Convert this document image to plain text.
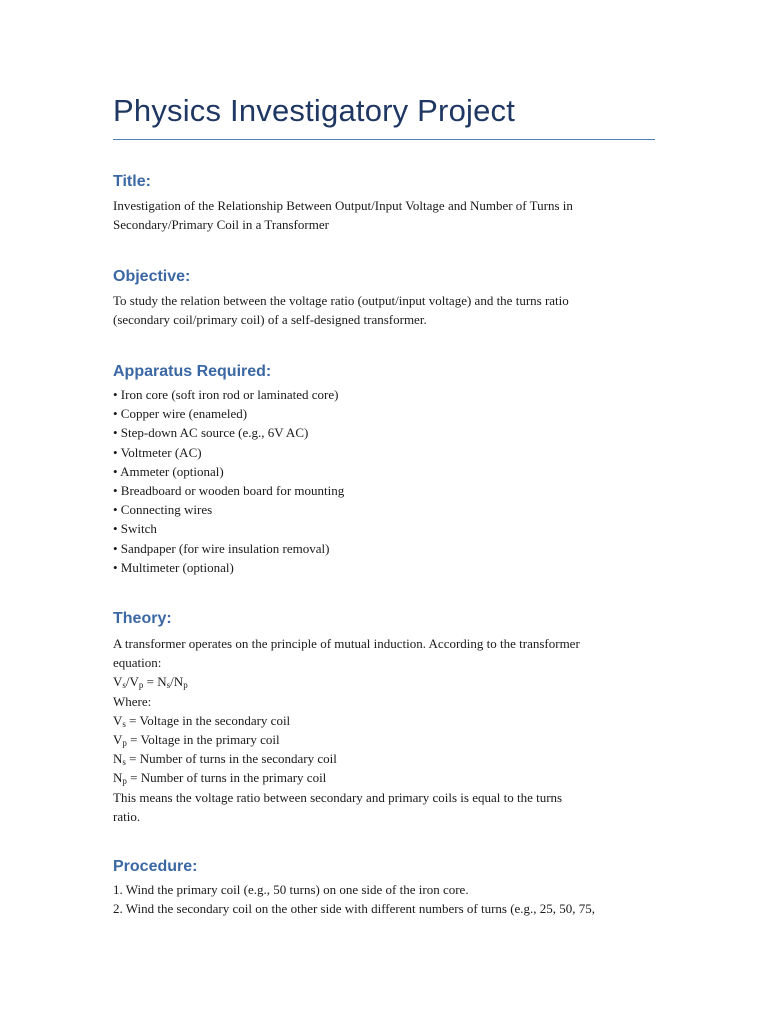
Physics Investigatory Project
Title:
Investigation of the Relationship Between Output/Input Voltage and Number of Turns in
Secondary/Primary Coil in a Transformer
Objective:
To study the relation between the voltage ratio (output/input voltage) and the turns ratio
(secondary coil/primary coil) of a self-designed transformer.
Apparatus Required:
• Iron core (soft iron rod or laminated core)
• Copper wire (enameled)
• Step-down AC source (e.g., 6V AC)
• Voltmeter (AC)
• Ammeter (optional)
• Breadboard or wooden board for mounting
• Connecting wires
• Switch
• Sandpaper (for wire insulation removal)
• Multimeter (optional)
Theory:
A transformer operates on the principle of mutual induction. According to the transformer
equation:
$V_s/V_p = N_s/N_p$
Where:
$V_s$ = Voltage in the secondary coil
$V_p$ = Voltage in the primary coil
$N_s$ = Number of turns in the secondary coil
$N_p$ = Number of turns in the primary coil
This means the voltage ratio between secondary and primary coils is equal to the turns
ratio.
Procedure:
1. Wind the primary coil (e.g., 50 turns) on one side of the iron core.
2. Wind the secondary coil on the other side with different numbers of turns (e.g., 25, 50, 75,
